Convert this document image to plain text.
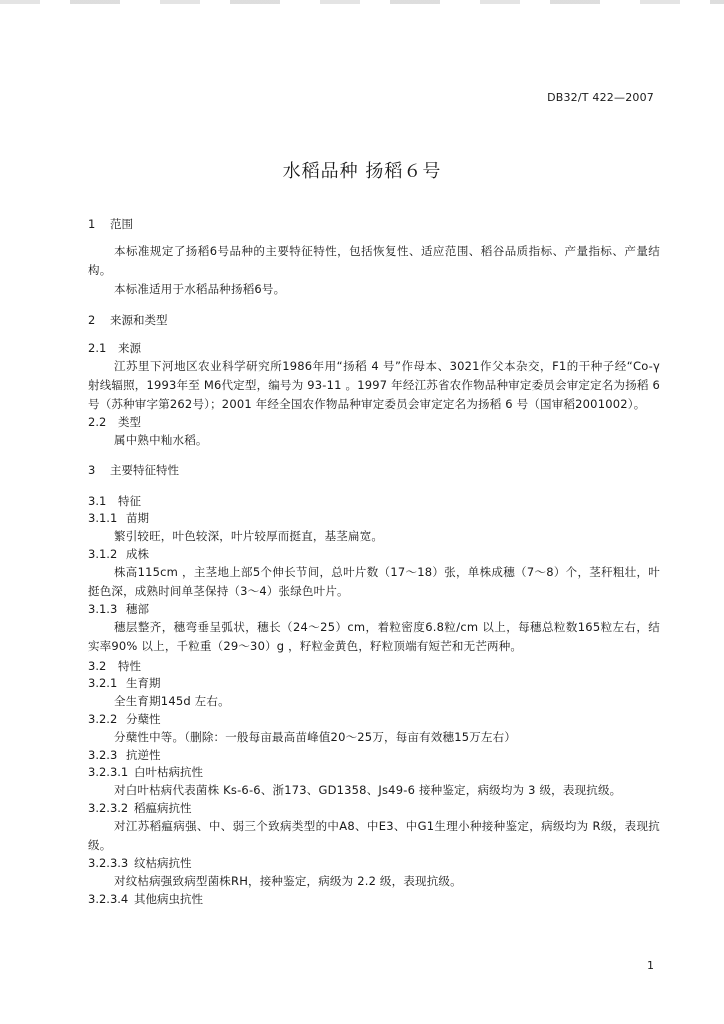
DB32/T 422—2007
水稻品种 扬稻６号
1	范围
本标准规定了扬稻6号品种的主要特征特性，包括恢复性、适应范围、稻谷品质指标、产量指标、产量结构。
本标准适用于水稻品种扬稻6号。
2	来源和类型
2.1	来源
江苏里下河地区农业科学研究所1986年用“扬稻 4 号”作母本、3021作父本杂交，F1的干种子经“Co-γ 射线辐照，1993年至 M6代定型，编号为 93-11 。1997 年经江苏省农作物品种审定委员会审定定名为扬稻 6 号（苏种审字第262号）；2001 年经全国农作物品种审定委员会审定定名为扬稻 6 号（国审稻2001002）。
2.2	类型
属中熟中籼水稻。
3	主要特征特性
3.1	特征
3.1.1 苗期
繁引较旺，叶色较深，叶片较厚而挺直，基茎扁宽。
3.1.2 成株
株高115cm ，主茎地上部5个伸长节间，总叶片数（17～18）张，单株成穗（7～8）个，茎秆粗壮，叶挺色深，成熟时间单茎保持（3～4）张绿色叶片。
3.1.3 穗部
穗层整齐，穗弯垂呈弧状，穗长（24～25）cm，着粒密度6.8粒/cm 以上，每穗总粒数165粒左右，结实率90% 以上，千粒重（29～30）g ，籽粒金黄色，籽粒顶端有短芒和无芒两种。
3.2	特性
3.2.1 生育期
全生育期145d 左右。
3.2.2 分蘖性
分蘖性中等。（删除：一般每亩最高苗峰值20～25万，每亩有效穗15万左右）
3.2.3 抗逆性
3.2.3.1 白叶枯病抗性
对白叶枯病代表菌株 Ks-6-6、浙173、GD1358、Js49-6 接种鉴定，病级均为 3 级，表现抗级。
3.2.3.2 稻瘟病抗性
对江苏稻瘟病强、中、弱三个致病类型的中A8、中E3、中G1生理小种接种鉴定，病级均为 R级，表现抗级。
3.2.3.3 纹枯病抗性
对纹枯病强致病型菌株RH，接种鉴定，病级为 2.2 级，表现抗级。
3.2.3.4 其他病虫抗性
1
